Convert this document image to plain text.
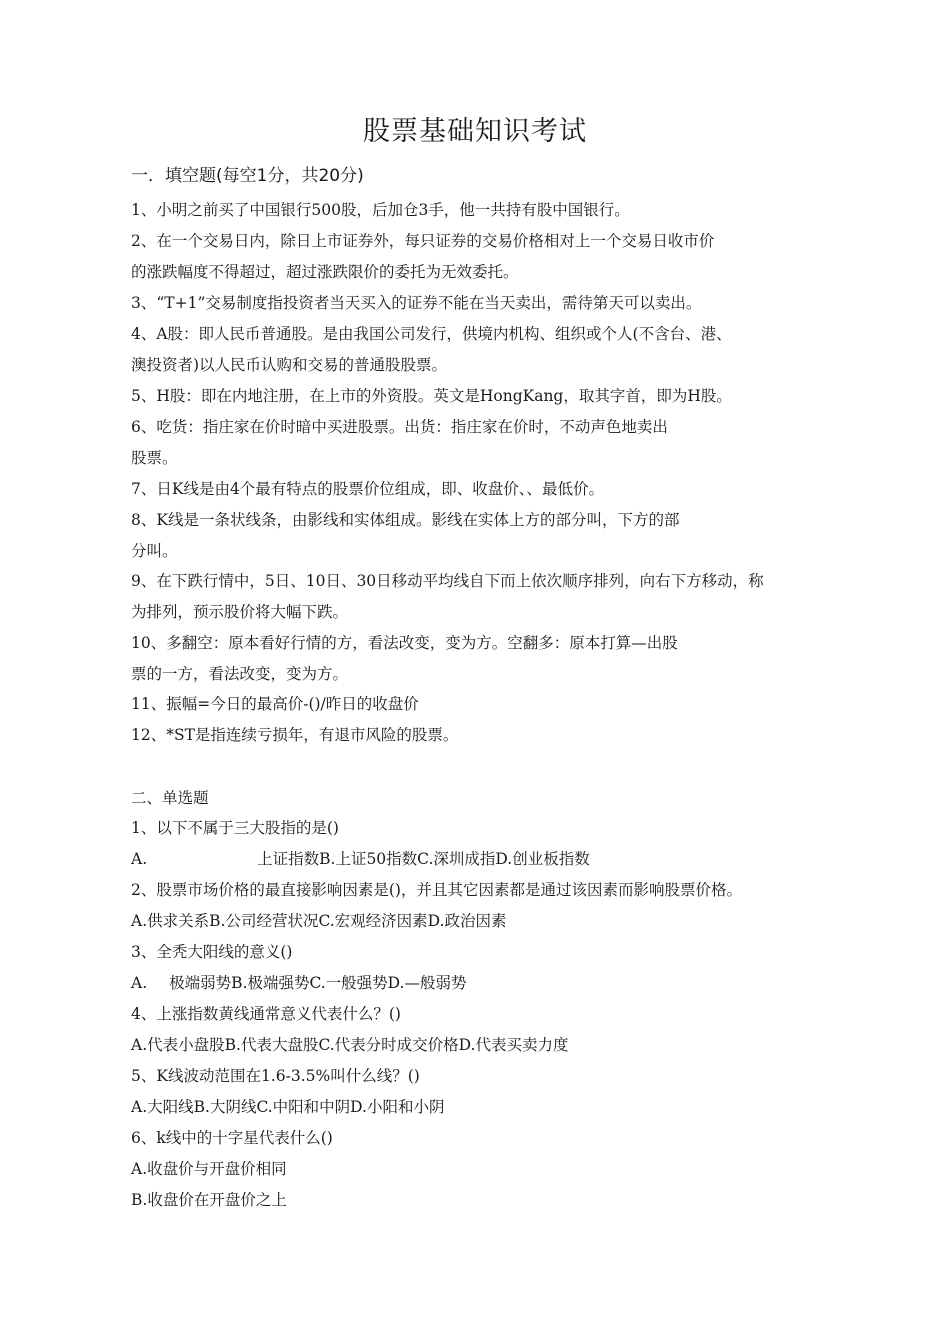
股票基础知识考试
一．填空题(每空1分，共20分)
1、小明之前买了中国银行500股，后加仓3手，他一共持有股中国银行。
2、在一个交易日内，除日上市证券外，每只证券的交易价格相对上一个交易日收市价
的涨跌幅度不得超过，超过涨跌限价的委托为无效委托。
3、“T+1”交易制度指投资者当天买入的证券不能在当天卖出，需待第天可以卖出。
4、A股：即人民币普通股。是由我国公司发行，供境内机构、组织或个人(不含台、港、
澳投资者)以人民币认购和交易的普通股股票。
5、H股：即在内地注册，在上市的外资股。英文是HongKang，取其字首，即为H股。
6、吃货：指庄家在价时暗中买进股票。出货：指庄家在价时，不动声色地卖出
股票。
7、日K线是由4个最有特点的股票价位组成，即、收盘价、、最低价。
8、K线是一条状线条，由影线和实体组成。影线在实体上方的部分叫，下方的部
分叫。
9、在下跌行情中，5日、10日、30日移动平均线自下而上依次顺序排列，向右下方移动，称
为排列，预示股价将大幅下跌。
10、多翻空：原本看好行情的方，看法改变，变为方。空翻多：原本打算—出股
票的一方，看法改变，变为方。
11、振幅=今日的最高价-()/昨日的收盘价
12、*ST是指连续亏损年，有退市风险的股票。
二、单选题
1、以下不属于三大股指的是()
A.	上证指数B.上证50指数C.深圳成指D.创业板指数
2、股票市场价格的最直接影响因素是()，并且其它因素都是通过该因素而影响股票价格。
A.供求关系B.公司经营状况C.宏观经济因素D.政治因素
3、全秃大阳线的意义()
A. 极端弱势B.极端强势C.一般强势D.—般弱势
4、上涨指数黄线通常意义代表什么？()
A.代表小盘股B.代表大盘股C.代表分时成交价格D.代表买卖力度
5、K线波动范围在1.6-3.5%叫什么线？()
A.大阳线B.大阴线C.中阳和中阴D.小阳和小阴
6、k线中的十字星代表什么()
A.收盘价与开盘价相同
B.收盘价在开盘价之上
